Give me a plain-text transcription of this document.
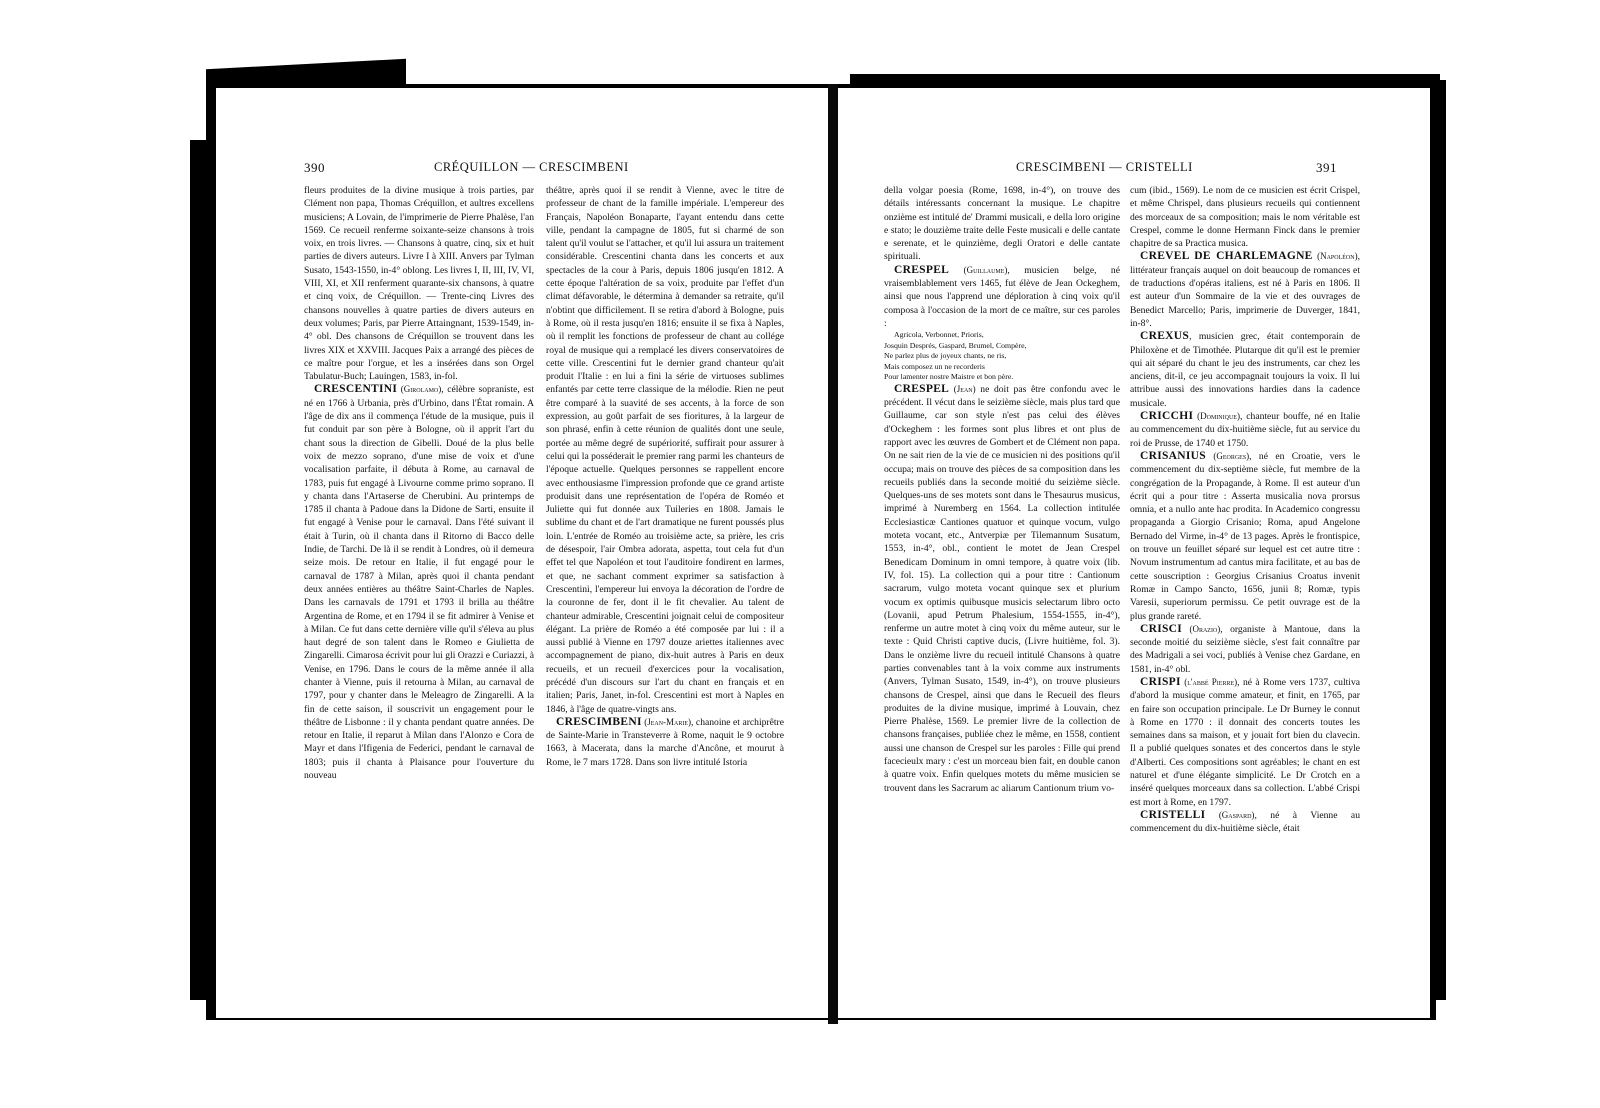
390	CRÉQUILLON — CRESCIMBENI

fleurs produites de la divine musique à trois parties, par Clément non papa, Thomas Créquillon, et aultres excellens musiciens; A Lovain, de l'imprimerie de Pierre Phalèse, l'an 1569. Ce recueil renferme soixante-seize chansons à trois voix, en trois livres. — Chansons à quatre, cinq, six et huit parties de divers auteurs. Livre I à XIII. Anvers par Tylman Susato, 1543-1550, in-4° oblong. Les livres I, II, III, IV, VI, VIII, XI, et XII renferment quarante-six chansons, à quatre et cinq voix, de Créquillon. — Trente-cinq Livres des chansons nouvelles à quatre parties de divers auteurs en deux volumes; Paris, par Pierre Attaingnant, 1539-1549, in-4° obl. Des chansons de Créquillon se trouvent dans les livres XIX et XXVIII. Jacques Paix a arrangé des pièces de ce maître pour l'orgue, et les a insérées dans son Orgel Tabulatur-Buch; Lauingen, 1583, in-fol.

CRESCENTINI (Girolamo), célèbre sopraniste, est né en 1766 à Urbania, près d'Urbino, dans l'État romain. A l'âge de dix ans il commença l'étude de la musique, puis il fut conduit par son père à Bologne, où il apprit l'art du chant sous la direction de Gibelli. Doué de la plus belle voix de mezzo soprano, d'une mise de voix et d'une vocalisation parfaite, il débuta à Rome, au carnaval de 1783, puis fut engagé à Livourne comme primo soprano. Il y chanta dans l'Artaserse de Cherubini. Au printemps de 1785 il chanta à Padoue dans la Didone de Sarti, ensuite il fut engagé à Venise pour le carnaval. Dans l'été suivant il était à Turin, où il chanta dans il Ritorno di Bacco delle Indie, de Tarchi. De là il se rendit à Londres, où il demeura seize mois. De retour en Italie, il fut engagé pour le carnaval de 1787 à Milan, après quoi il chanta pendant deux années entières au théâtre Saint-Charles de Naples. Dans les carnavals de 1791 et 1793 il brilla au théâtre Argentina de Rome, et en 1794 il se fit admirer à Venise et à Milan. Ce fut dans cette dernière ville qu'il s'éleva au plus haut degré de son talent dans le Romeo e Giulietta de Zingarelli. Cimarosa écrivit pour lui gli Orazzi e Curiazzi, à Venise, en 1796. Dans le cours de la même année il alla chanter à Vienne, puis il retourna à Milan, au carnaval de 1797, pour y chanter dans le Meleagro de Zingarelli. A la fin de cette saison, il souscrivit un engagement pour le théâtre de Lisbonne : il y chanta pendant quatre années. De retour en Italie, il reparut à Milan dans l'Alonzo e Cora de Mayr et dans l'Ifigenia de Federici, pendant le carnaval de 1803; puis il chanta à Plaisance pour l'ouverture du nouveau

théâtre, après quoi il se rendit à Vienne, avec le titre de professeur de chant de la famille impériale. L'empereur des Français, Napoléon Bonaparte, l'ayant entendu dans cette ville, pendant la campagne de 1805, fut si charmé de son talent qu'il voulut se l'attacher, et qu'il lui assura un traitement considérable. Crescentini chanta dans les concerts et aux spectacles de la cour à Paris, depuis 1806 jusqu'en 1812. A cette époque l'altération de sa voix, produite par l'effet d'un climat défavorable, le détermina à demander sa retraite, qu'il n'obtint que difficilement. Il se retira d'abord à Bologne, puis à Rome, où il resta jusqu'en 1816; ensuite il se fixa à Naples, où il remplit les fonctions de professeur de chant au collége royal de musique qui a remplacé les divers conservatoires de cette ville. Crescentini fut le dernier grand chanteur qu'ait produit l'Italie : en lui a fini la série de virtuoses sublimes enfantés par cette terre classique de la mélodie. Rien ne peut être comparé à la suavité de ses accents, à la force de son expression, au goût parfait de ses fioritures, à la largeur de son phrasé, enfin à cette réunion de qualités dont une seule, portée au même degré de supériorité, suffirait pour assurer à celui qui la posséderait le premier rang parmi les chanteurs de l'époque actuelle. Quelques personnes se rappellent encore avec enthousiasme l'impression profonde que ce grand artiste produisit dans une représentation de l'opéra de Roméo et Juliette qui fut donnée aux Tuileries en 1808. Jamais le sublime du chant et de l'art dramatique ne furent poussés plus loin. L'entrée de Roméo au troisième acte, sa prière, les cris de désespoir, l'air Ombra adorata, aspetta, tout cela fut d'un effet tel que Napoléon et tout l'auditoire fondirent en larmes, et que, ne sachant comment exprimer sa satisfaction à Crescentini, l'empereur lui envoya la décoration de l'ordre de la couronne de fer, dont il le fit chevalier. Au talent de chanteur admirable, Crescentini joignait celui de compositeur élégant. La prière de Roméo a été composée par lui : il a aussi publié à Vienne en 1797 douze ariettes italiennes avec accompagnement de piano, dix-huit autres à Paris en deux recueils, et un recueil d'exercices pour la vocalisation, précédé d'un discours sur l'art du chant en français et en italien; Paris, Janet, in-fol. Crescentini est mort à Naples en 1846, à l'âge de quatre-vingts ans.

CRESCIMBENI (Jean-Marie), chanoine et archiprêtre de Sainte-Marie in Transteverre à Rome, naquit le 9 octobre 1663, à Macerata, dans la marche d'Ancône, et mourut à Rome, le 7 mars 1728. Dans son livre intitulé Istoria

CRESCIMBENI — CRISTELLI	391

della volgar poesia (Rome, 1698, in-4°), on trouve des détails intéressants concernant la musique. Le chapitre onzième est intitulé de' Drammi musicali, e della loro origine e stato; le douzième traite delle Feste musicali e delle cantate e serenate, et le quinzième, degli Oratori e delle cantate spirituali.

CRESPEL (Guillaume), musicien belge, né vraisemblablement vers 1465, fut élève de Jean Ockeghem, ainsi que nous l'apprend une déploration à cinq voix qu'il composa à l'occasion de la mort de ce maître, sur ces paroles :

Agricola, Verbonnet, Prioris,
Josquin Després, Gaspard, Brumel, Compère,
Ne parlez plus de joyeux chants, ne ris,
Mais composez un ne recorderis
Pour lamenter nostre Maistre et bon père.

CRESPEL (Jean) ne doit pas être confondu avec le précédent. Il vécut dans le seizième siècle, mais plus tard que Guillaume, car son style n'est pas celui des élèves d'Ockeghem : les formes sont plus libres et ont plus de rapport avec les œuvres de Gombert et de Clément non papa. On ne sait rien de la vie de ce musicien ni des positions qu'il occupa; mais on trouve des pièces de sa composition dans les recueils publiés dans la seconde moitié du seizième siècle. Quelques-uns de ses motets sont dans le Thesaurus musicus, imprimé à Nuremberg en 1564. La collection intitulée Ecclesiasticæ Cantiones quatuor et quinque vocum, vulgo moteta vocant, etc., Antverpiæ per Tilemannum Susatum, 1553, in-4°, obl., contient le motet de Jean Crespel Benedicam Dominum in omni tempore, à quatre voix (lib. IV, fol. 15). La collection qui a pour titre : Cantionum sacrarum, vulgo moteta vocant quinque sex et plurium vocum ex optimis quibusque musicis selectarum libro octo (Lovanii, apud Petrum Phalesium, 1554-1555, in-4°), renferme un autre motet à cinq voix du même auteur, sur le texte : Quid Christi captive ducis, (Livre huitième, fol. 3). Dans le onzième livre du recueil intitulé Chansons à quatre parties convenables tant à la voix comme aux instruments (Anvers, Tylman Susato, 1549, in-4°), on trouve plusieurs chansons de Crespel, ainsi que dans le Recueil des fleurs produites de la divine musique, imprimé à Louvain, chez Pierre Phalèse, 1569. Le premier livre de la collection de chansons françaises, publiée chez le même, en 1558, contient aussi une chanson de Crespel sur les paroles : Fille qui prend facecieulx mary : c'est un morceau bien fait, en double canon à quatre voix. Enfin quelques motets du même musicien se trouvent dans les Sacrarum ac aliarum Cantionum trium vo-

cum (ibid., 1569). Le nom de ce musicien est écrit Crispel, et même Chrispel, dans plusieurs recueils qui contiennent des morceaux de sa composition; mais le nom véritable est Crespel, comme le donne Hermann Finck dans le premier chapitre de sa Practica musica.

CREVEL DE CHARLEMAGNE (Napoléon), littérateur français auquel on doit beaucoup de romances et de traductions d'opéras italiens, est né à Paris en 1806. Il est auteur d'un Sommaire de la vie et des ouvrages de Benedict Marcello; Paris, imprimerie de Duverger, 1841, in-8°.

CREXUS, musicien grec, était contemporain de Philoxène et de Timothée. Plutarque dit qu'il est le premier qui ait séparé du chant le jeu des instruments, car chez les anciens, dit-il, ce jeu accompagnait toujours la voix. Il lui attribue aussi des innovations hardies dans la cadence musicale.

CRICCHI (Dominique), chanteur bouffe, né en Italie au commencement du dix-huitième siècle, fut au service du roi de Prusse, de 1740 et 1750.

CRISANIUS (Georges), né en Croatie, vers le commencement du dix-septième siècle, fut membre de la congrégation de la Propagande, à Rome. Il est auteur d'un écrit qui a pour titre : Asserta musicalia nova prorsus omnia, et a nullo ante hac prodita. In Academico congressu propaganda a Giorgio Crisanio; Roma, apud Angelone Bernado del Virme, in-4° de 13 pages. Après le frontispice, on trouve un feuillet séparé sur lequel est cet autre titre : Novum instrumentum ad cantus mira facilitate, et au bas de cette souscription : Georgius Crisanius Croatus invenit Romæ in Campo Sancto, 1656, junii 8; Romæ, typis Varesii, superiorum permissu. Ce petit ouvrage est de la plus grande rareté.

CRISCI (Orazio), organiste à Mantoue, dans la seconde moitié du seizième siècle, s'est fait connaître par des Madrigali a sei voci, publiés à Venise chez Gardane, en 1581, in-4° obl.

CRISPI (l'abbé Pierre), né à Rome vers 1737, cultiva d'abord la musique comme amateur, et finit, en 1765, par en faire son occupation principale. Le Dr Burney le connut à Rome en 1770 : il donnait des concerts toutes les semaines dans sa maison, et y jouait fort bien du clavecin. Il a publié quelques sonates et des concertos dans le style d'Alberti. Ces compositions sont agréables; le chant en est naturel et d'une élégante simplicité. Le Dr Crotch en a inséré quelques morceaux dans sa collection. L'abbé Crispi est mort à Rome, en 1797.

CRISTELLI (Gaspard), né à Vienne au commencement du dix-huitième siècle, était
